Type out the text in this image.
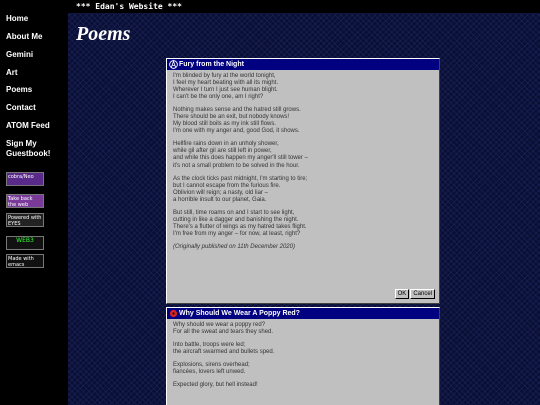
Home
About Me
Gemini
Art
Poems
Contact
ATOM Feed
Sign My Guestbook!
cobra/Neo
Take back the web
Powered with EYES
WEB3
Made with emacs
*** Edan's Website ***
Poems
Fury from the Night

I'm blinded by fury at the world tonight,
I feel my heart beating with all its might.
Wherever I turn I just see human blight.
I can't be the only one, am I right?

Nothing makes sense and the hatred still grows.
There should be an exit, but nobody knows!
My blood still boils as my ink still flows.
I'm one with my anger and, good God, it shows.

Hellfire rains down in an unholy shower,
while gil after gil are still left in power,
and while this does happen my anger'll still tower –
it's not a small problem to be solved in the hour.

As the clock ticks past midnight, I'm starting to tire;
but I cannot escape from the furious fire.
Oblivion will reign; a nasty, old liar –
a horrible insult to our planet, Gaia.

But still, time roams on and I start to see light,
cutting in like a dagger and banishing the night.
There's a flutter of wings as my hatred takes flight.
I'm free from my anger – for now, at least, right?

(Originally published on 11th December 2020)

OK	Cancel
Why Should We Wear A Poppy Red?

Why should we wear a poppy red?
For all the sweat and tears they shed.

Into battle, troops were led;
the aircraft swarmed and bullets sped.

Explosions, sirens overhead;
fiancées, lovers left unwed.

Expected glory, but hell instead!
